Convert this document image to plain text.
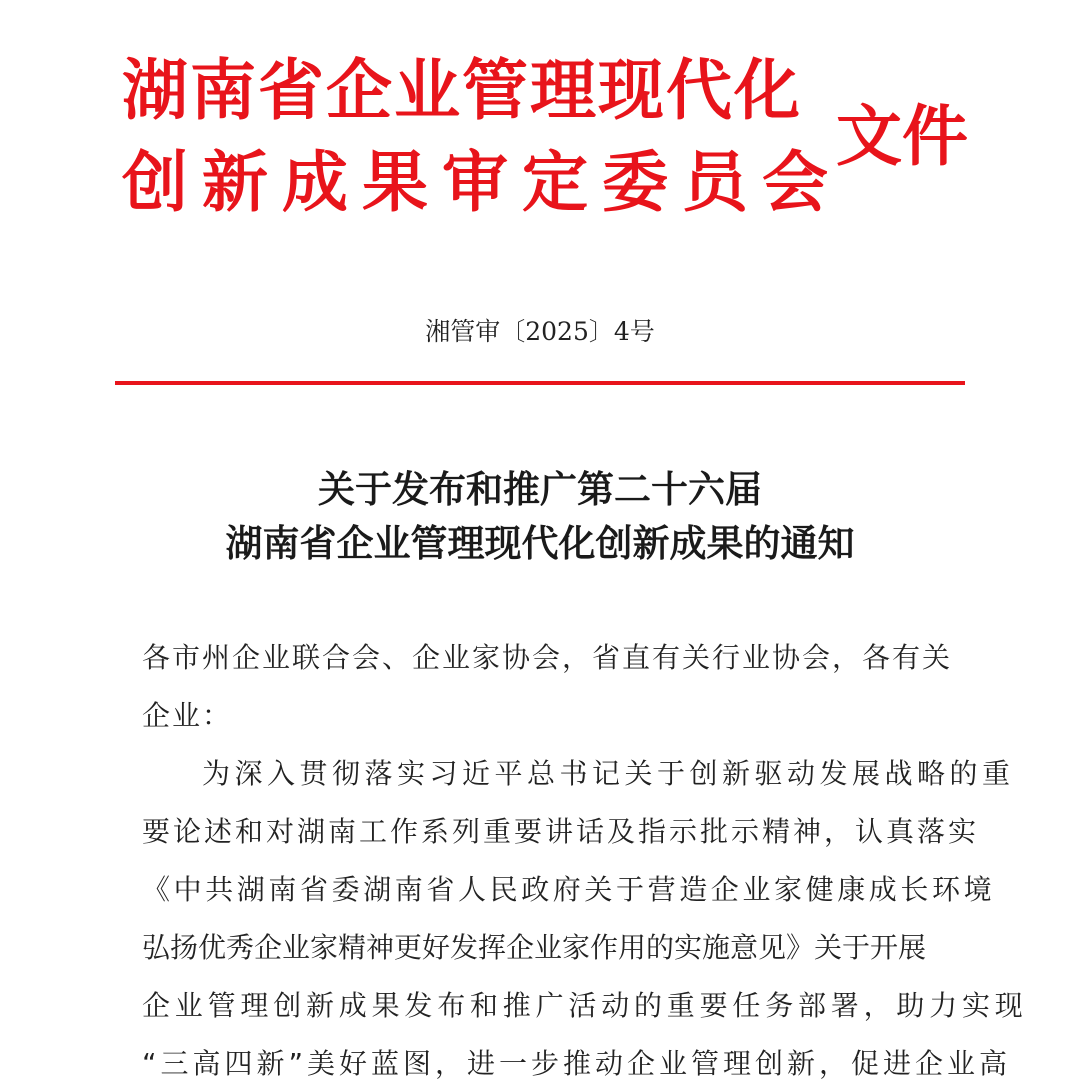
湖南省企业管理现代化
创新成果审定委员会
文件
湘管审〔2025〕4号
关于发布和推广第二十六届
湖南省企业管理现代化创新成果的通知
各市州企业联合会、企业家协会，省直有关行业协会，各有关
企业：
为深入贯彻落实习近平总书记关于创新驱动发展战略的重
要论述和对湖南工作系列重要讲话及指示批示精神，认真落实
《中共湖南省委湖南省人民政府关于营造企业家健康成长环境
弘扬优秀企业家精神更好发挥企业家作用的实施意见》关于开展
企业管理创新成果发布和推广活动的重要任务部署，助力实现
“三高四新”美好蓝图，进一步推动企业管理创新，促进企业高
